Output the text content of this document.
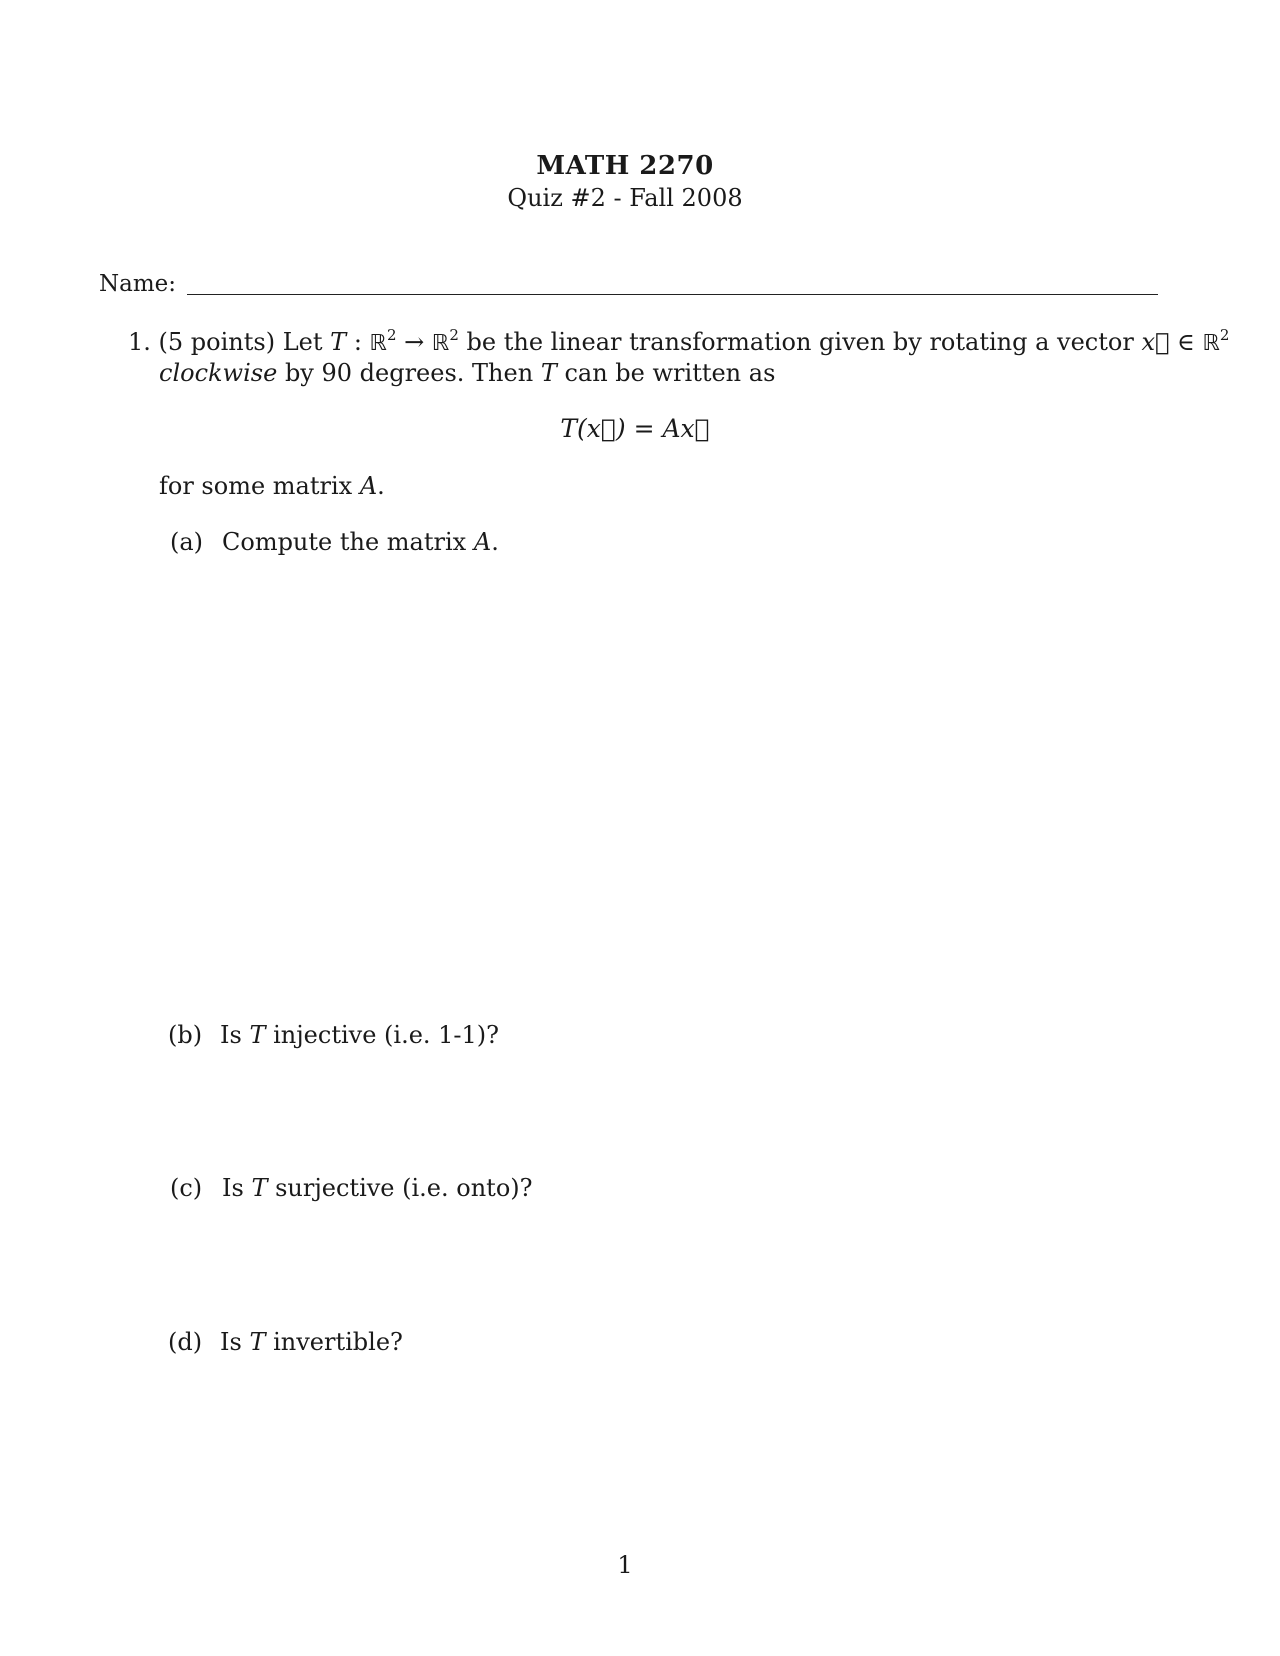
MATH 2270
Quiz #2 - Fall 2008
Name:
1. (5 points) Let T : ℝ$^2$ → ℝ$^2$ be the linear transformation given by rotating a vector x⃗ ∈ ℝ$^2$
clockwise by 90 degrees. Then T can be written as
T(x⃗) = Ax⃗
for some matrix A.
(a) Compute the matrix A.
(b) Is T injective (i.e. 1-1)?
(c) Is T surjective (i.e. onto)?
(d) Is T invertible?
1
